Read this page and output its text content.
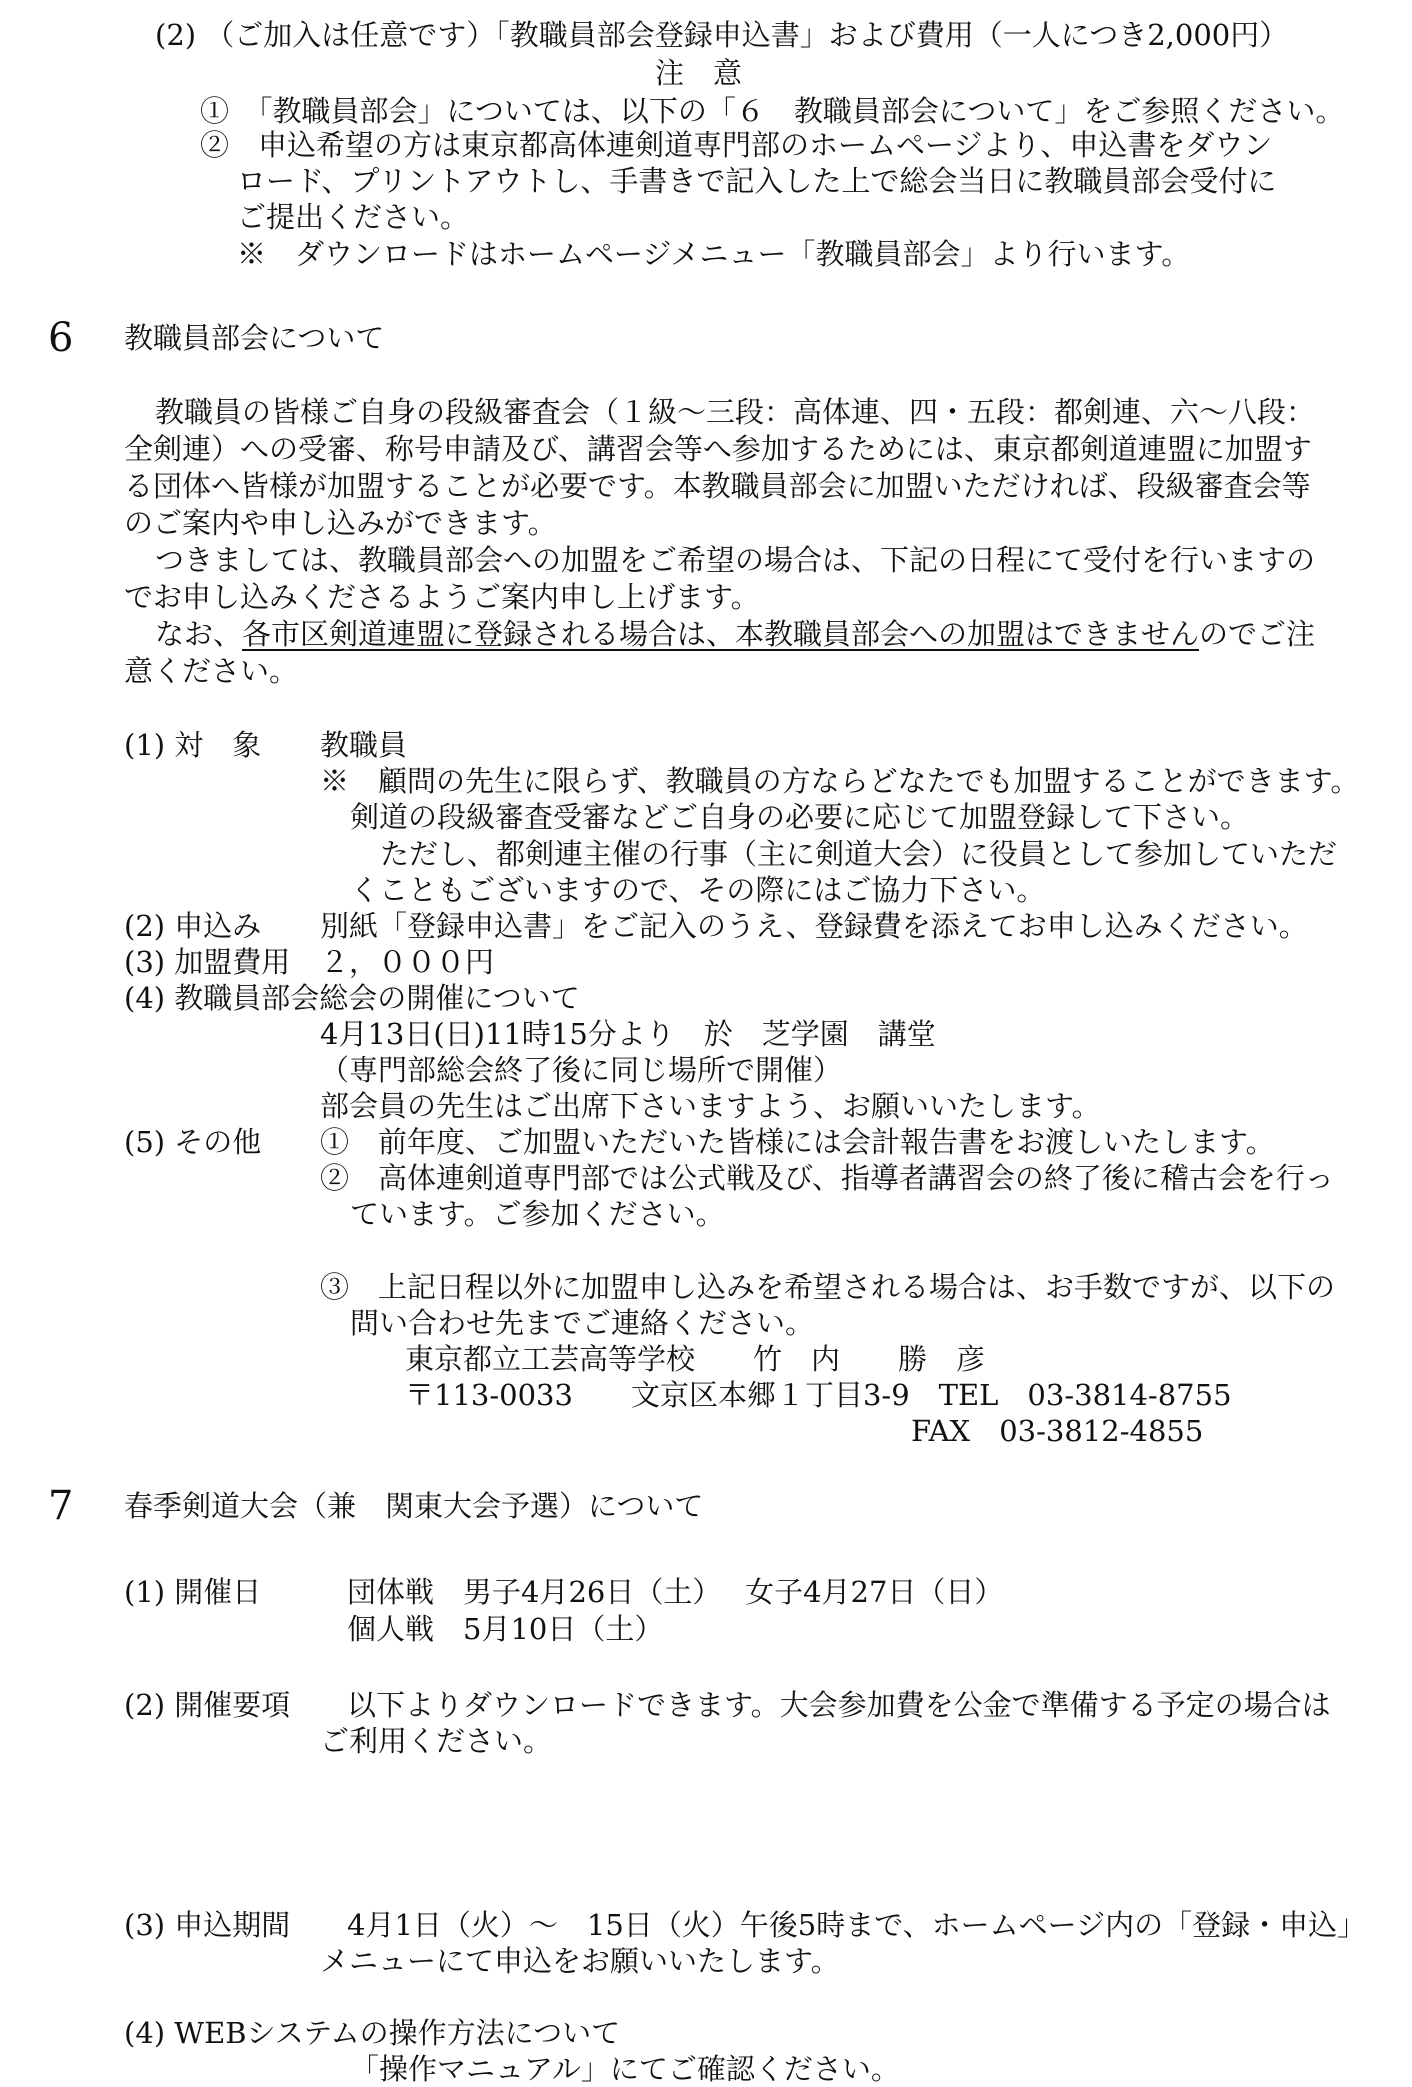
(2) （ご加入は任意です）「教職員部会登録申込書」および費用（一人につき2,000円）
注　意
①　「教職員部会」については、以下の「６　教職員部会について」をご参照ください。
②　申込希望の方は東京都高体連剣道専門部のホームページより、申込書をダウン
ロード、プリントアウトし、手書きで記入した上で総会当日に教職員部会受付に
ご提出ください。
※　ダウンロードはホームページメニュー「教職員部会」より行います。
6 教職員部会について
教職員の皆様ご自身の段級審査会（１級～三段：高体連、四・五段：都剣連、六～八段：
全剣連）への受審、称号申請及び、講習会等へ参加するためには、東京都剣道連盟に加盟す
る団体へ皆様が加盟することが必要です。本教職員部会に加盟いただければ、段級審査会等
のご案内や申し込みができます。
つきましては、教職員部会への加盟をご希望の場合は、下記の日程にて受付を行いますの
でお申し込みくださるようご案内申し上げます。
なお、各市区剣道連盟に登録される場合は、本教職員部会への加盟はできませんのでご注
意ください。
(1) 対　象 教職員
※　顧問の先生に限らず、教職員の方ならどなたでも加盟することができます。
剣道の段級審査受審などご自身の必要に応じて加盟登録して下さい。
ただし、都剣連主催の行事（主に剣道大会）に役員として参加していただ
くこともございますので、その際にはご協力下さい。
(2) 申込み 別紙「登録申込書」をご記入のうえ、登録費を添えてお申し込みください。
(3) 加盟費用 ２，０００円
(4) 教職員部会総会の開催について
4月13日(日)11時15分より　於　芝学園　講堂
（専門部総会終了後に同じ場所で開催）
部会員の先生はご出席下さいますよう、お願いいたします。
(5) その他 ①　前年度、ご加盟いただいた皆様には会計報告書をお渡しいたします。
②　高体連剣道専門部では公式戦及び、指導者講習会の終了後に稽古会を行っ
ています。ご参加ください。
③　上記日程以外に加盟申し込みを希望される場合は、お手数ですが、以下の
問い合わせ先までご連絡ください。
東京都立工芸高等学校　　竹　内　　勝　彦
〒113-0033　　文京区本郷１丁目3-9　TEL　03-3814-8755
FAX　03-3812-4855
7 春季剣道大会（兼　関東大会予選）について
(1) 開催日	団体戦　男子4月26日（土）　 女子4月27日（日）
個人戦　5月10日（土）
(2) 開催要項 以下よりダウンロードできます。大会参加費を公金で準備する予定の場合は
ご利用ください。
(3) 申込期間 4月1日（火）～　15日（火）午後5時まで、ホームページ内の「登録・申込」
メニューにて申込をお願いいたします。
(4) WEBシステムの操作方法について
「操作マニュアル」にてご確認ください。
